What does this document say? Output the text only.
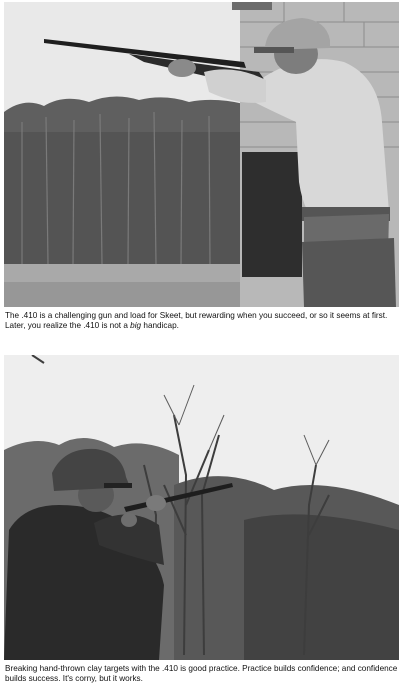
The .410 is a challenging gun and load for Skeet, but rewarding when you succeed, or so it seems at first. Later, you realize the .410 is not a big handicap.
Breaking hand-thrown clay targets with the .410 is good practice. Practice builds confidence; and confidence builds success. It's corny, but it works.
